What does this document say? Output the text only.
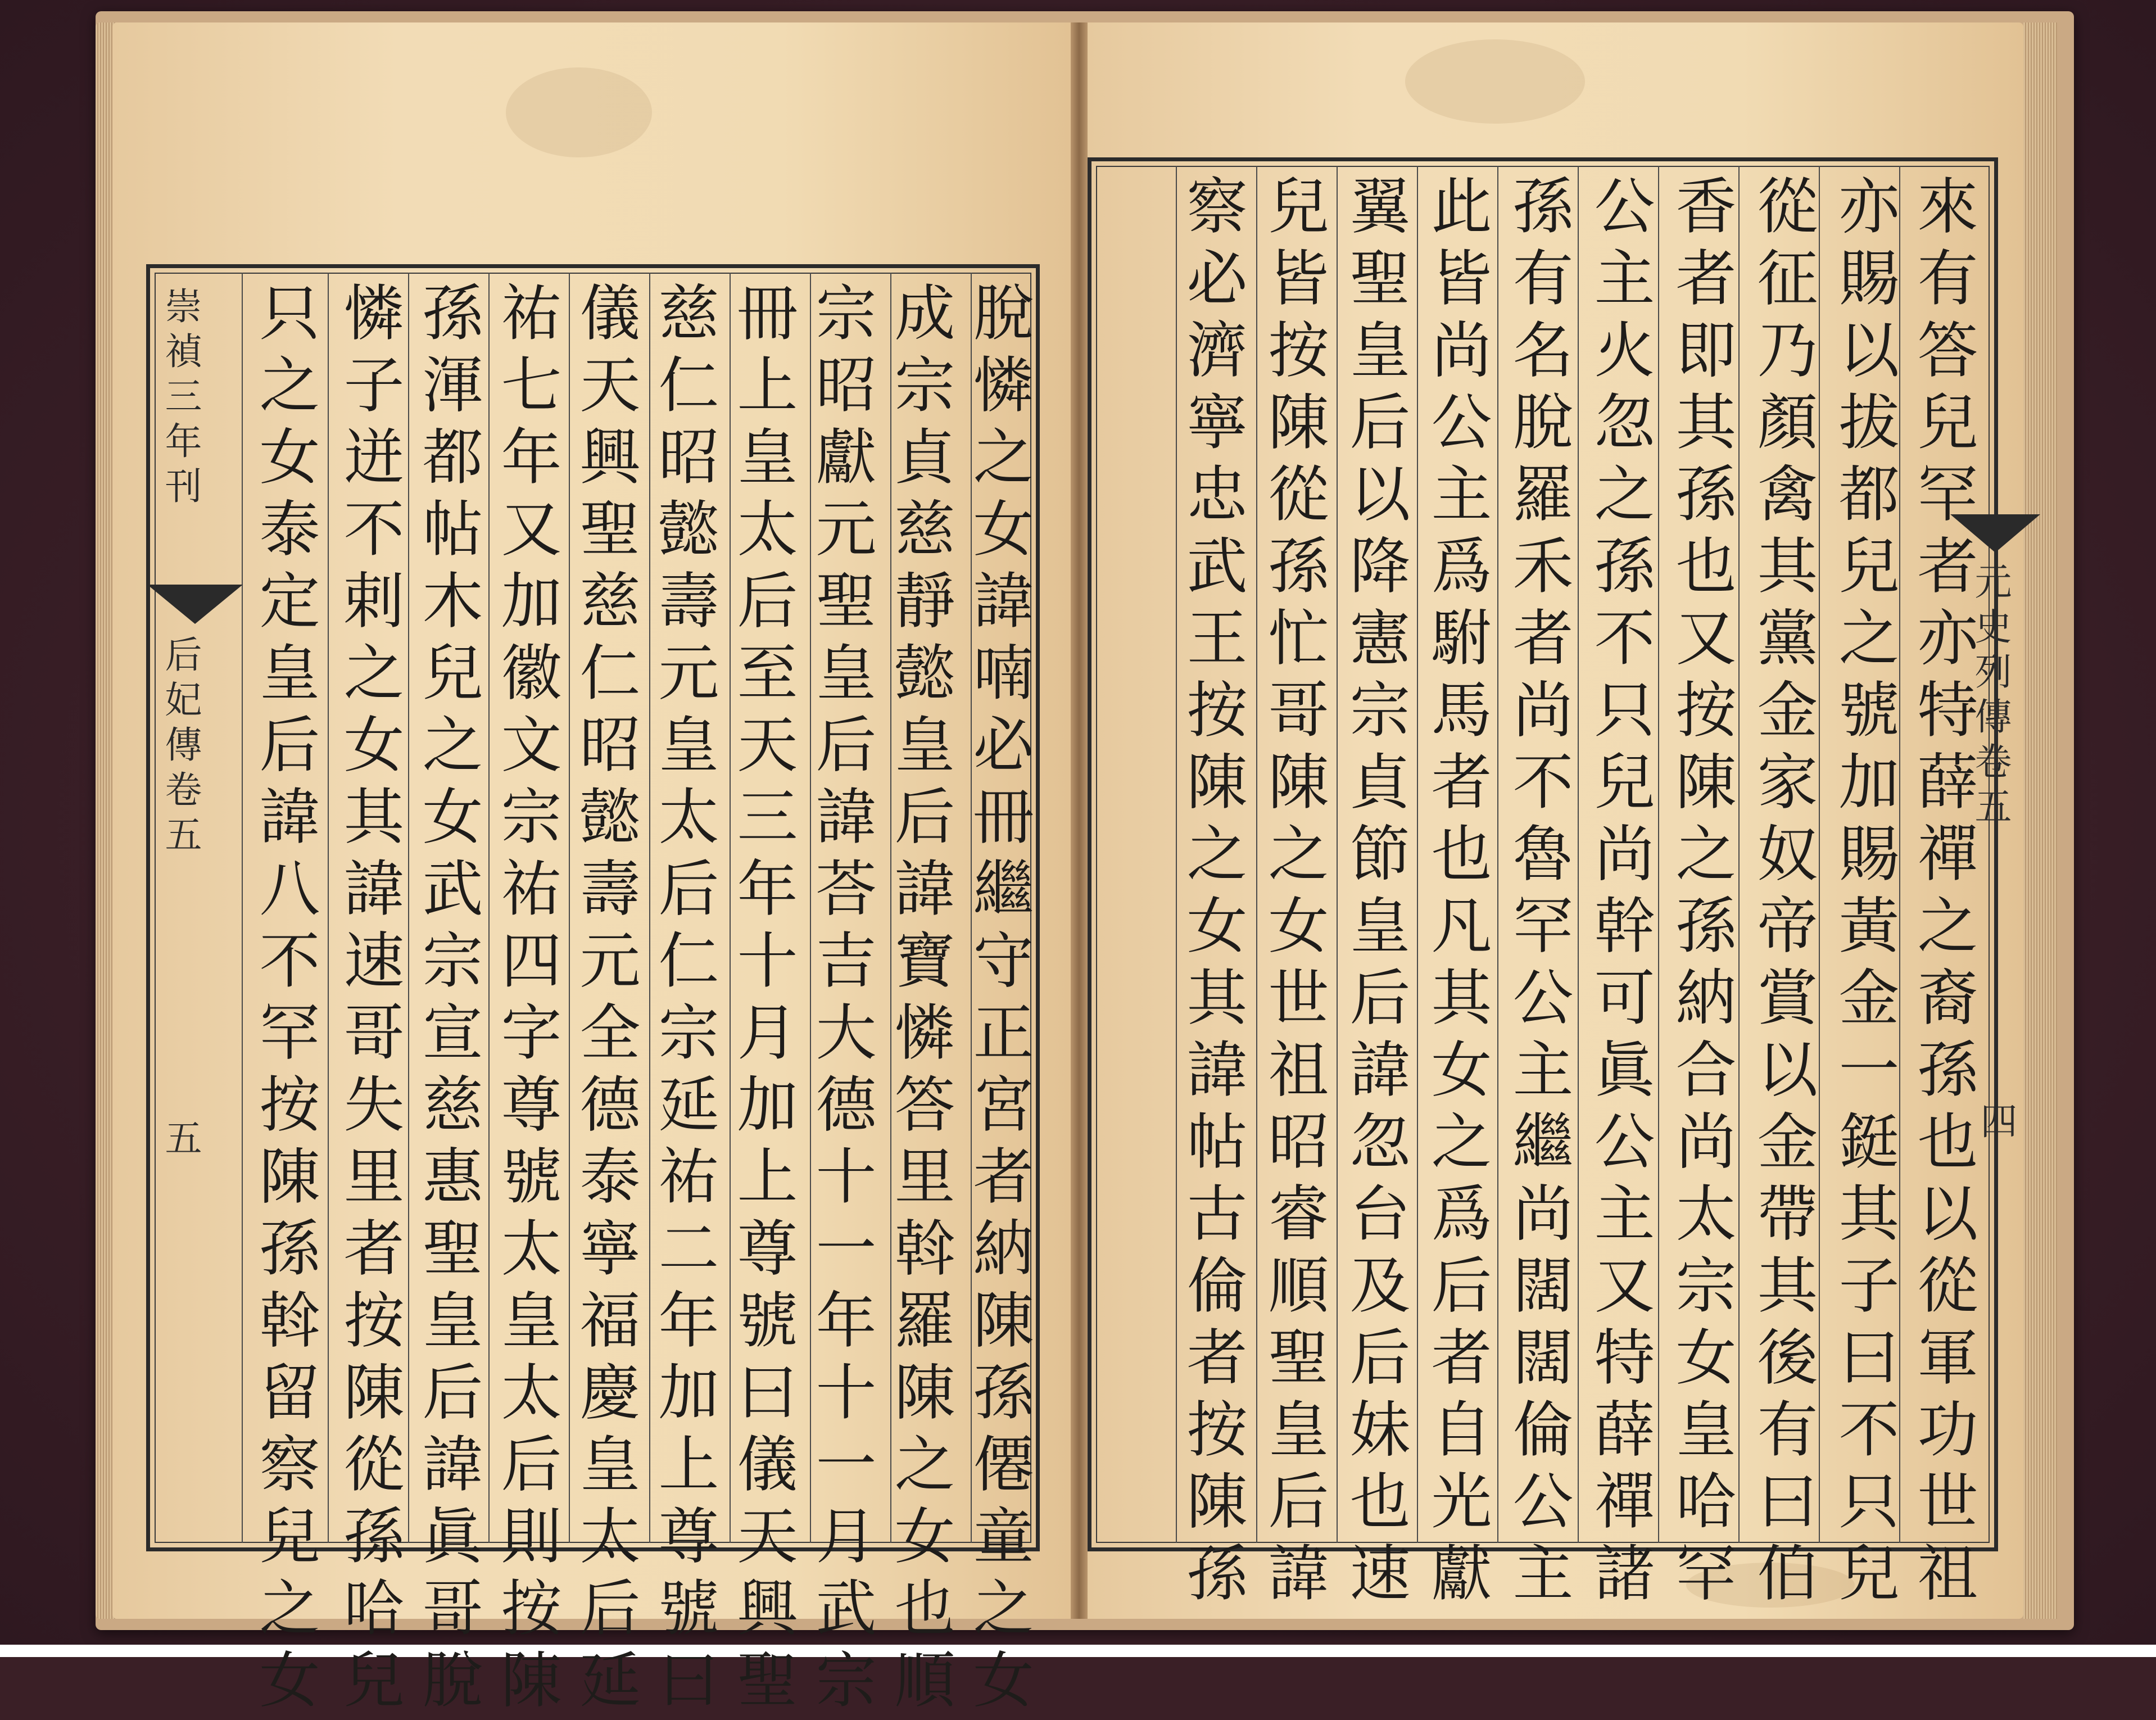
崇禎三年刊
后妃傳卷五
五	脫憐之女諱喃必冊繼守正宮者納陳孫僊童之女
成宗貞慈靜懿皇后諱寶憐答里斡羅陳之女也順
宗昭獻元聖皇后諱荅吉大德十一年十一月武宗
冊上皇太后至天三年十月加上尊號曰儀天興聖
慈仁昭懿壽元皇太后仁宗延祐二年加上尊號曰
儀天興聖慈仁昭懿壽元全德泰寧福慶皇太后延
祐七年又加徽文宗祐四字尊號太皇太后則按陳
孫渾都帖木兒之女武宗宣慈惠聖皇后諱眞哥脫
憐子迸不剌之女其諱速哥失里者按陳從孫哈兒
只之女泰定皇后諱八不罕按陳孫斡留察兒之女	來有答兒罕者亦特薛禪之裔孫也以從軍功世祖
亦賜以拔都兒之號加賜黃金一鋌其子曰不只兒
從征乃顏禽其黨金家奴帝賞以金帶其後有曰伯
香者即其孫也又按陳之孫納合尚太宗女皇哈罕
公主火忽之孫不只兒尚幹可眞公主又特薛禪諸
孫有名脫羅禾者尚不魯罕公主繼尚闊闊倫公主
此皆尚公主爲駙馬者也凡其女之爲后者自光獻
翼聖皇后以降憲宗貞節皇后諱忽台及后妹也速
兒皆按陳從孫忙哥陳之女世祖昭睿順聖皇后諱
察必濟寧忠武王按陳之女其諱帖古倫者按陳孫	元史列傳卷五
四
